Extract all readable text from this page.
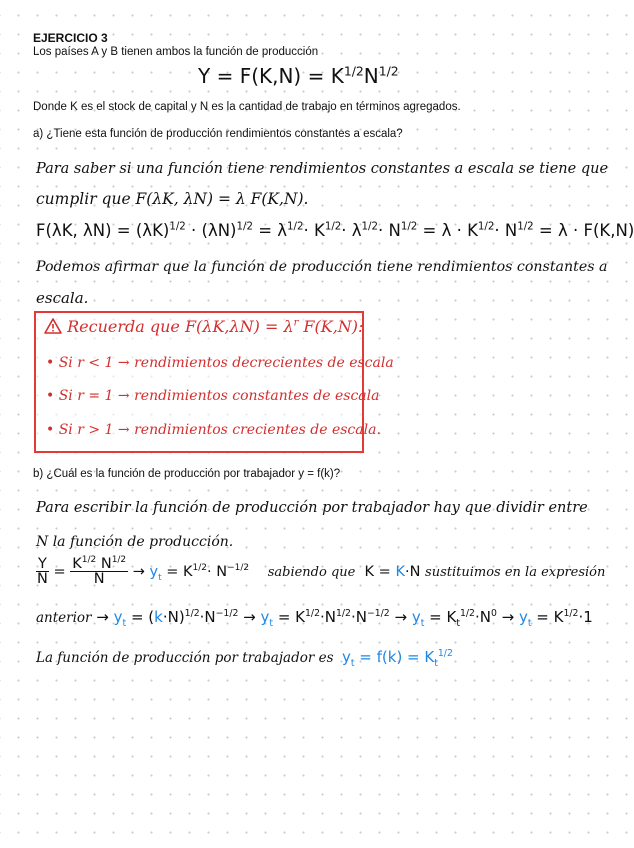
EJERCICIO 3
Los países A y B tienen ambos la función de producción
$Y = F(K,N) = K^{1/2}N^{1/2}$
Donde K es el stock de capital y N es la cantidad de trabajo en términos agregados.
a) ¿Tiene esta función de producción rendimientos constantes a escala?
Para saber si una función tiene rendimientos constantes a escala se tiene que
cumplir que F(λK, λN) = λ F(K,N).
F(λK, $\lambda N) = (\lambda K)^{1/2} \cdot (\lambda N)^{1/2} = \lambda^{1/2}\cdot K^{1/2}\cdot \lambda^{1/2}\cdot N^{1/2} = \lambda \cdot K^{1/2}\cdot N^{1/2} = \lambda \cdot F(K,N)$
Podemos afirmar que la función de producción tiene rendimientos constantes a
escala.
Recuerda que $F(\lambda K,\lambda N) = \lambda^r$ F(K,N):
• Si r < 1 → rendimientos decrecientes de escala
• Si r = 1 → rendimientos constantes de escala
• Si r > 1 → rendimientos crecientes de escala.
b) ¿Cuál es la función de producción por trabajador y = f(k)?
Para escribir la función de producción por trabajador hay que dividir entre
N la función de producción.
$\frac{Y}{N} = \frac{K^{1/2} N^{1/2}}{N} \to y_t = K^{1/2}\cdot N^{-1/2}$ sabiendo que  K = K·N sustituimos en la expresión
anterior → $y_t = (k\cdot N)^{1/2}\cdot N^{-1/2} \to y_t = K^{1/2}\cdot N^{1/2}\cdot N^{-1/2} \to y_t = K_t^{1/2}\cdot N^0 \to y_t = K^{1/2}\cdot 1$
La función de producción por trabajador es $y_t = f(k) = K_t^{1/2}$
